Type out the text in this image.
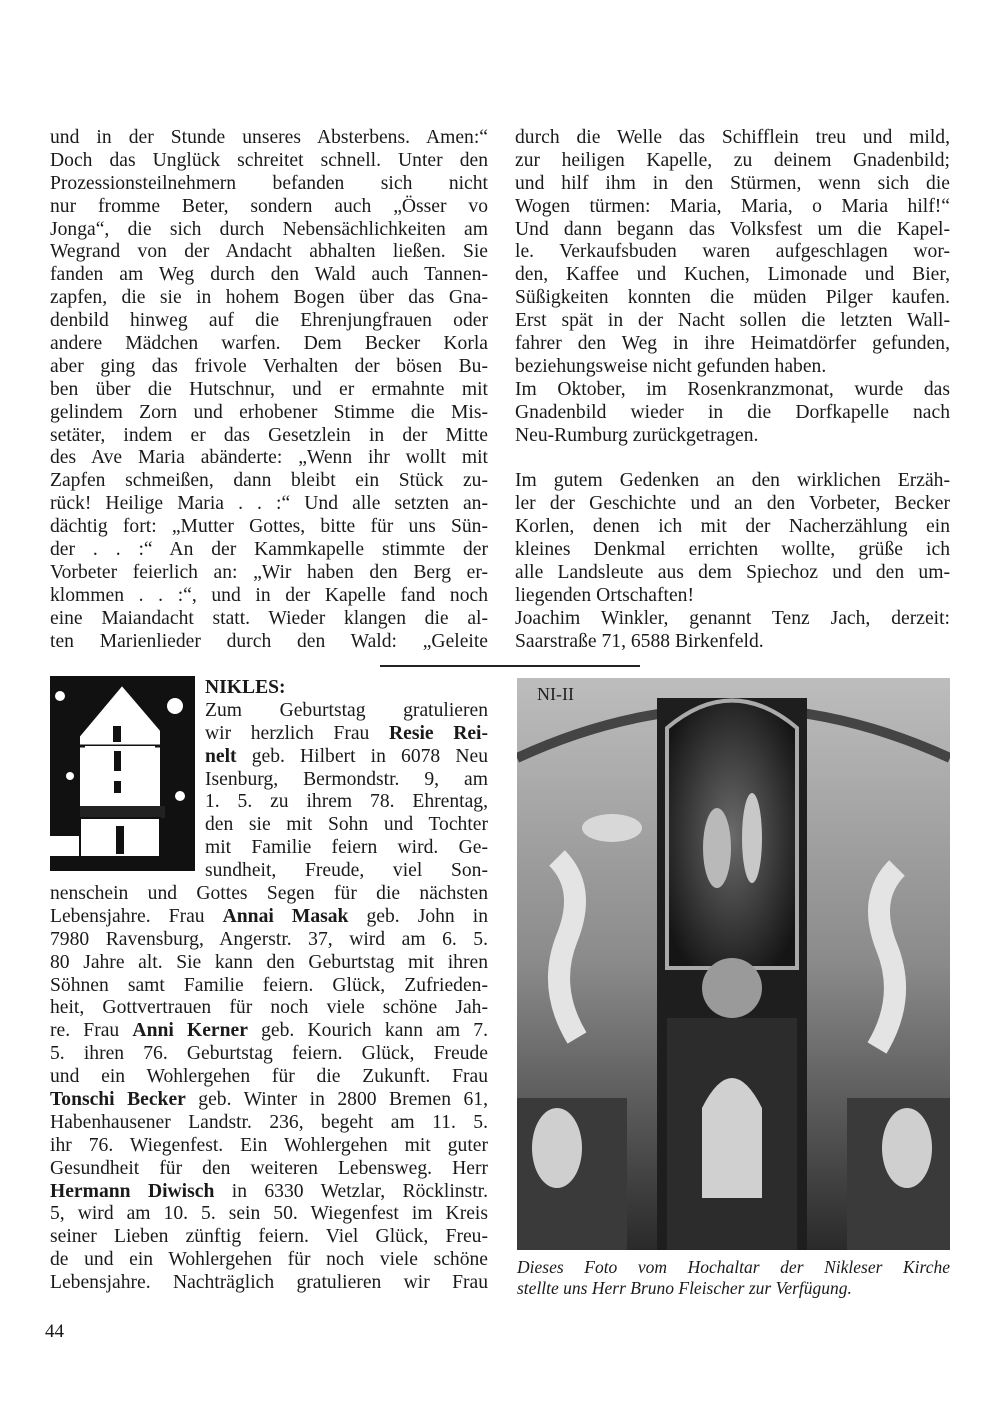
und in der Stunde unseres Absterbens. Amen:“
Doch das Unglück schreitet schnell. Unter den
Prozessionsteilnehmern befanden sich nicht
nur fromme Beter, sondern auch „Össer vo
Jonga“, die sich durch Nebensächlichkeiten am
Wegrand von der Andacht abhalten ließen. Sie
fanden am Weg durch den Wald auch Tannen-
zapfen, die sie in hohem Bogen über das Gna-
denbild hinweg auf die Ehrenjungfrauen oder
andere Mädchen warfen. Dem Becker Korla
aber ging das frivole Verhalten der bösen Bu-
ben über die Hutschnur, und er ermahnte mit
gelindem Zorn und erhobener Stimme die Mis-
setäter, indem er das Gesetzlein in der Mitte
des Ave Maria abänderte: „Wenn ihr wollt mit
Zapfen schmeißen, dann bleibt ein Stück zu-
rück! Heilige Maria . . :“ Und alle setzten an-
dächtig fort: „Mutter Gottes, bitte für uns Sün-
der . . :“ An der Kammkapelle stimmte der
Vorbeter feierlich an: „Wir haben den Berg er-
klommen . . :“, und in der Kapelle fand noch
eine Maiandacht statt. Wieder klangen die al-
ten Marienlieder durch den Wald: „Geleite
durch die Welle das Schifflein treu und mild,
zur heiligen Kapelle, zu deinem Gnadenbild;
und hilf ihm in den Stürmen, wenn sich die
Wogen türmen: Maria, Maria, o Maria hilf!“
Und dann begann das Volksfest um die Kapel-
le. Verkaufsbuden waren aufgeschlagen wor-
den, Kaffee und Kuchen, Limonade und Bier,
Süßigkeiten konnten die müden Pilger kaufen.
Erst spät in der Nacht sollen die letzten Wall-
fahrer den Weg in ihre Heimatdörfer gefunden,
beziehungsweise nicht gefunden haben.
Im Oktober, im Rosenkranzmonat, wurde das
Gnadenbild wieder in die Dorfkapelle nach
Neu-Rumburg zurückgetragen.
Im gutem Gedenken an den wirklichen Erzäh-
ler der Geschichte und an den Vorbeter, Becker
Korlen, denen ich mit der Nacherzählung ein
kleines Denkmal errichten wollte, grüße ich
alle Landsleute aus dem Spiechoz und den um-
liegenden Ortschaften!
Joachim Winkler, genannt Tenz Jach, derzeit:
Saarstraße 71, 6588 Birkenfeld.
NIKLES:
Zum Geburtstag gratulieren
wir herzlich Frau Resie Rei-
nelt geb. Hilbert in 6078 Neu
Isenburg, Bermondstr. 9, am
1. 5. zu ihrem 78. Ehrentag,
den sie mit Sohn und Tochter
mit Familie feiern wird. Ge-
sundheit, Freude, viel Son-
nenschein und Gottes Segen für die nächsten
Lebensjahre. Frau Annai Masak geb. John in
7980 Ravensburg, Angerstr. 37, wird am 6. 5.
80 Jahre alt. Sie kann den Geburtstag mit ihren
Söhnen samt Familie feiern. Glück, Zufrieden-
heit, Gottvertrauen für noch viele schöne Jah-
re. Frau Anni Kerner geb. Kourich kann am 7.
5. ihren 76. Geburtstag feiern. Glück, Freude
und ein Wohlergehen für die Zukunft. Frau
Tonschi Becker geb. Winter in 2800 Bremen 61,
Habenhausener Landstr. 236, begeht am 11. 5.
ihr 76. Wiegenfest. Ein Wohlergehen mit guter
Gesundheit für den weiteren Lebensweg. Herr
Hermann Diwisch in 6330 Wetzlar, Röcklinstr.
5, wird am 10. 5. sein 50. Wiegenfest im Kreis
seiner Lieben zünftig feiern. Viel Glück, Freu-
de und ein Wohlergehen für noch viele schöne
Lebensjahre. Nachträglich gratulieren wir Frau
NI-II
Dieses Foto vom Hochaltar der Nikleser Kirche
stellte uns Herr Bruno Fleischer zur Verfügung.
44
